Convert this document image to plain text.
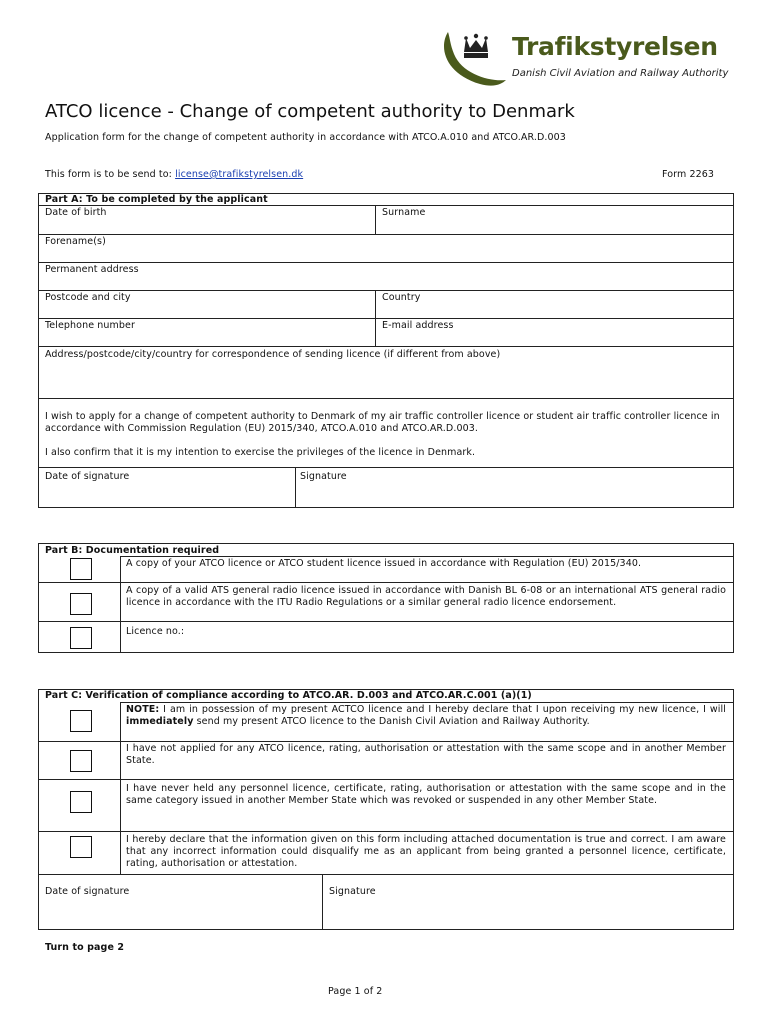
Trafikstyrelsen
Danish Civil Aviation and Railway Authority
ATCO licence - Change of competent authority to Denmark
Application form for the change of competent authority in accordance with ATCO.A.010 and ATCO.AR.D.003
This form is to be send to: license@trafikstyrelsen.dk	Form 2263
Part A: To be completed by the applicant
Date of birth	Surname
Forename(s)
Permanent address
Postcode and city	Country
Telephone number	E-mail address
Address/postcode/city/country for correspondence of sending licence (if different from above)
I wish to apply for a change of competent authority to Denmark of my air traffic controller licence or student air traffic controller licence in accordance with Commission Regulation (EU) 2015/340, ATCO.A.010 and ATCO.AR.D.003.
I also confirm that it is my intention to exercise the privileges of the licence in Denmark.
Date of signature	Signature
Part B: Documentation required
A copy of your ATCO licence or ATCO student licence issued in accordance with Regulation (EU) 2015/340.
A copy of a valid ATS general radio licence issued in accordance with Danish BL 6-08 or an international ATS general radio licence in accordance with the ITU Radio Regulations or a similar general radio licence endorsement.
Licence no.:
Part C: Verification of compliance according to ATCO.AR. D.003 and ATCO.AR.C.001 (a)(1)
NOTE: I am in possession of my present ACTCO licence and I hereby declare that I upon receiving my new licence, I will immediately send my present ATCO licence to the Danish Civil Aviation and Railway Authority.
I have not applied for any ATCO licence, rating, authorisation or attestation with the same scope and in another Member State.
I have never held any personnel licence, certificate, rating, authorisation or attestation with the same scope and in the same category issued in another Member State which was revoked or suspended in any other Member State.
I hereby declare that the information given on this form including attached documentation is true and correct. I am aware that any incorrect information could disqualify me as an applicant from being granted a personnel licence, certificate, rating, authorisation or attestation.
Date of signature	Signature
Turn to page 2
Page 1 of 2
